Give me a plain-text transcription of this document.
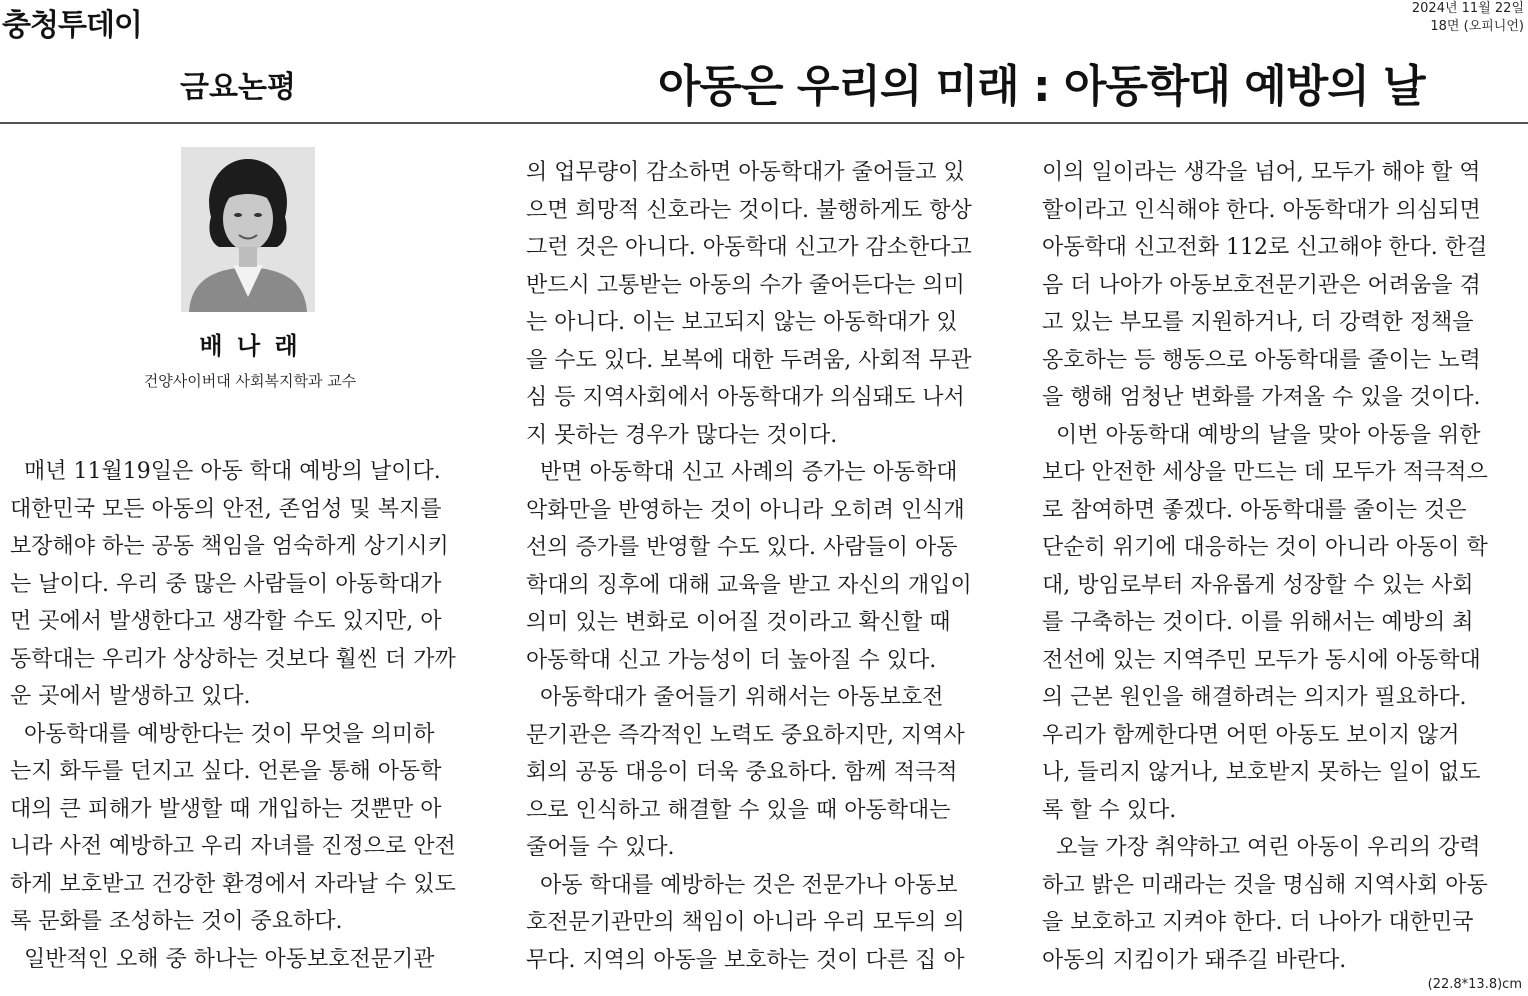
충청투데이	2024년 11월 22일
18면 (오피니언)
금요논평	아동은 우리의 미래 : 아동학대 예방의 날
배 나 래
건양사이버대 사회복지학과 교수
매년 11월19일은 아동 학대 예방의 날이다.
대한민국 모든 아동의 안전, 존엄성 및 복지를
보장해야 하는 공동 책임을 엄숙하게 상기시키
는 날이다. 우리 중 많은 사람들이 아동학대가
먼 곳에서 발생한다고 생각할 수도 있지만, 아
동학대는 우리가 상상하는 것보다 훨씬 더 가까
운 곳에서 발생하고 있다.
아동학대를 예방한다는 것이 무엇을 의미하
는지 화두를 던지고 싶다. 언론을 통해 아동학
대의 큰 피해가 발생할 때 개입하는 것뿐만 아
니라 사전 예방하고 우리 자녀를 진정으로 안전
하게 보호받고 건강한 환경에서 자라날 수 있도
록 문화를 조성하는 것이 중요하다.
일반적인 오해 중 하나는 아동보호전문기관
의 업무량이 감소하면 아동학대가 줄어들고 있
으면 희망적 신호라는 것이다. 불행하게도 항상
그런 것은 아니다. 아동학대 신고가 감소한다고
반드시 고통받는 아동의 수가 줄어든다는 의미
는 아니다. 이는 보고되지 않는 아동학대가 있
을 수도 있다. 보복에 대한 두려움, 사회적 무관
심 등 지역사회에서 아동학대가 의심돼도 나서
지 못하는 경우가 많다는 것이다.
반면 아동학대 신고 사례의 증가는 아동학대
악화만을 반영하는 것이 아니라 오히려 인식개
선의 증가를 반영할 수도 있다. 사람들이 아동
학대의 징후에 대해 교육을 받고 자신의 개입이
의미 있는 변화로 이어질 것이라고 확신할 때
아동학대 신고 가능성이 더 높아질 수 있다.
아동학대가 줄어들기 위해서는 아동보호전
문기관은 즉각적인 노력도 중요하지만, 지역사
회의 공동 대응이 더욱 중요하다. 함께 적극적
으로 인식하고 해결할 수 있을 때 아동학대는
줄어들 수 있다.
아동 학대를 예방하는 것은 전문가나 아동보
호전문기관만의 책임이 아니라 우리 모두의 의
무다. 지역의 아동을 보호하는 것이 다른 집 아
이의 일이라는 생각을 넘어, 모두가 해야 할 역
할이라고 인식해야 한다. 아동학대가 의심되면
아동학대 신고전화 112로 신고해야 한다. 한걸
음 더 나아가 아동보호전문기관은 어려움을 겪
고 있는 부모를 지원하거나, 더 강력한 정책을
옹호하는 등 행동으로 아동학대를 줄이는 노력
을 행해 엄청난 변화를 가져올 수 있을 것이다.
이번 아동학대 예방의 날을 맞아 아동을 위한
보다 안전한 세상을 만드는 데 모두가 적극적으
로 참여하면 좋겠다. 아동학대를 줄이는 것은
단순히 위기에 대응하는 것이 아니라 아동이 학
대, 방임로부터 자유롭게 성장할 수 있는 사회
를 구축하는 것이다. 이를 위해서는 예방의 최
전선에 있는 지역주민 모두가 동시에 아동학대
의 근본 원인을 해결하려는 의지가 필요하다.
우리가 함께한다면 어떤 아동도 보이지 않거
나, 들리지 않거나, 보호받지 못하는 일이 없도
록 할 수 있다.
오늘 가장 취약하고 여린 아동이 우리의 강력
하고 밝은 미래라는 것을 명심해 지역사회 아동
을 보호하고 지켜야 한다. 더 나아가 대한민국
아동의 지킴이가 돼주길 바란다.
(22.8*13.8)cm
